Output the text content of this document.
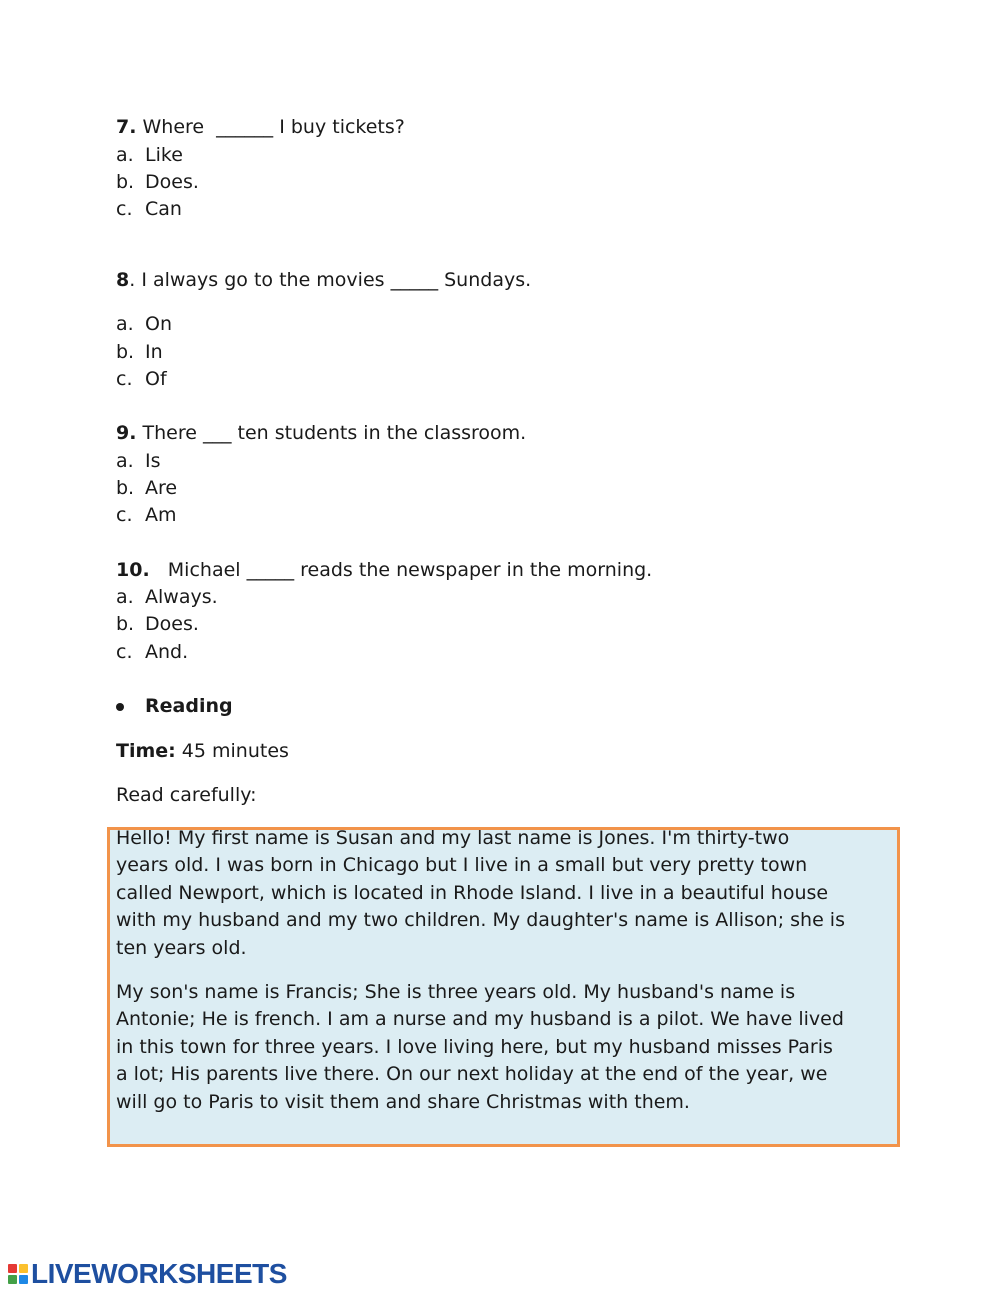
7. Where  ______ I buy tickets?
a. Like
b. Does.
c. Can
8. I always go to the movies _____ Sundays.
a. On
b. In
c. Of
9. There ___ ten students in the classroom.
a. Is
b. Are
c. Am
10.   Michael _____ reads the newspaper in the morning.
a. Always.
b. Does.
c. And.
Reading
Time: 45 minutes
Read carefully:
Hello! My first name is Susan and my last name is Jones. I'm thirty-two
years old. I was born in Chicago but I live in a small but very pretty town
called Newport, which is located in Rhode Island. I live in a beautiful house
with my husband and my two children. My daughter's name is Allison; she is
ten years old.
My son's name is Francis; She is three years old. My husband's name is
Antonie; He is french. I am a nurse and my husband is a pilot. We have lived
in this town for three years. I love living here, but my husband misses Paris
a lot; His parents live there. On our next holiday at the end of the year, we
will go to Paris to visit them and share Christmas with them.
LIVEWORKSHEETS
